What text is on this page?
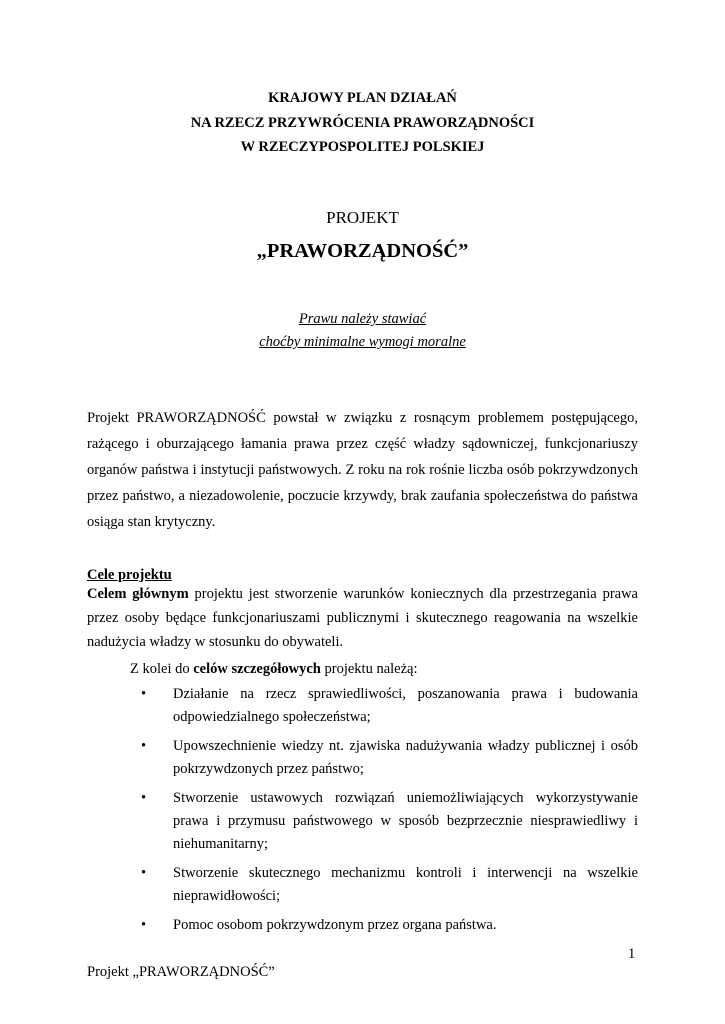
KRAJOWY PLAN DZIAŁAŃ
NA RZECZ PRZYWRÓCENIA PRAWORZĄDNOŚCI
W RZECZYPOSPOLITEJ POLSKIEJ
PROJEKT
„PRAWORZĄDNOŚĆ”
Prawu należy stawiać
choćby minimalne wymogi moralne

Projekt PRAWORZĄDNOŚĆ powstał w związku z rosnącym problemem postępującego, rażącego i oburzającego łamania prawa przez część władzy sądowniczej, funkcjonariuszy organów państwa i instytucji państwowych. Z roku na rok rośnie liczba osób pokrzywdzonych przez państwo, a niezadowolenie, poczucie krzywdy, brak zaufania społeczeństwa do państwa osiąga stan krytyczny.

Cele projektu

Celem głównym projektu jest stworzenie warunków koniecznych dla przestrzegania prawa przez osoby będące funkcjonariuszami publicznymi i skutecznego reagowania na wszelkie nadużycia władzy w stosunku do obywateli.

Z kolei do celów szczegółowych projektu należą:

• Działanie na rzecz sprawiedliwości, poszanowania prawa i budowania odpowiedzialnego społeczeństwa;
• Upowszechnienie wiedzy nt. zjawiska nadużywania władzy publicznej i osób pokrzywdzonych przez państwo;
• Stworzenie ustawowych rozwiązań uniemożliwiających wykorzystywanie prawa i przymusu państwowego w sposób bezprzecznie niesprawiedliwy i niehumanitarny;
• Stworzenie skutecznego mechanizmu kontroli i interwencji na wszelkie nieprawidłowości;
• Pomoc osobom pokrzywdzonym przez organa państwa.
1
Projekt „PRAWORZĄDNOŚĆ”
